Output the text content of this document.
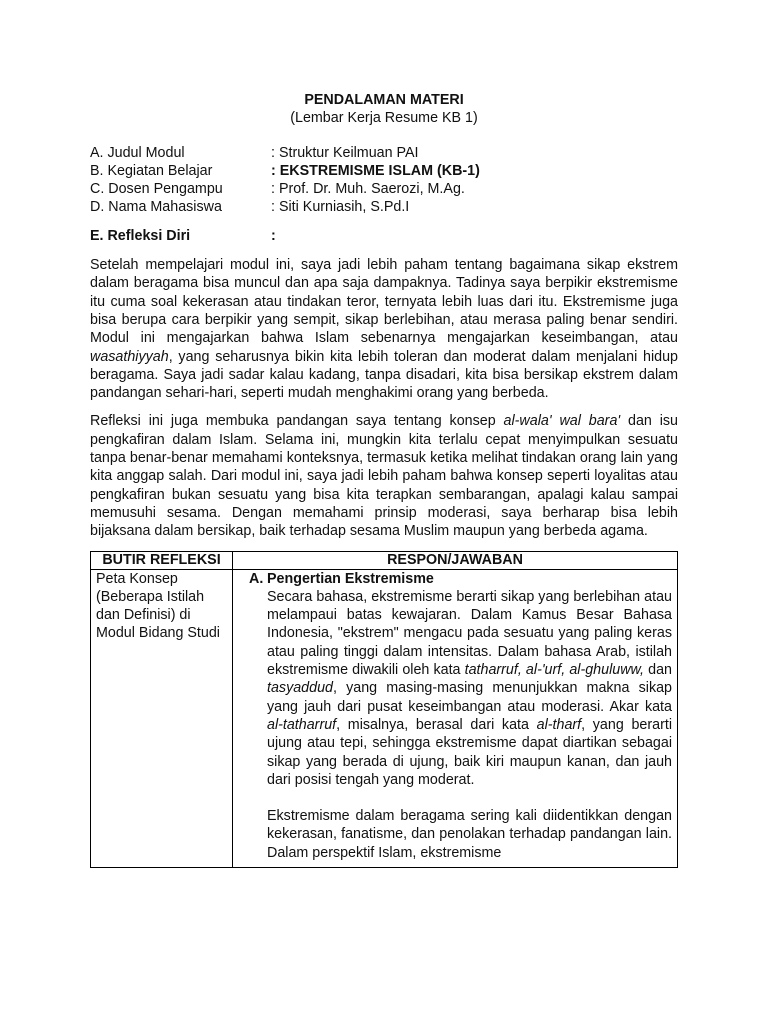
PENDALAMAN MATERI
(Lembar Kerja Resume KB 1)
A. Judul Modul	: Struktur Keilmuan PAI
B. Kegiatan Belajar	: EKSTREMISME ISLAM (KB-1)
C. Dosen Pengampu	: Prof. Dr. Muh. Saerozi, M.Ag.
D. Nama Mahasiswa	: Siti Kurniasih, S.Pd.I
E. Refleksi Diri	:

Setelah mempelajari modul ini, saya jadi lebih paham tentang bagaimana sikap ekstrem dalam beragama bisa muncul dan apa saja dampaknya. Tadinya saya berpikir ekstremisme itu cuma soal kekerasan atau tindakan teror, ternyata lebih luas dari itu. Ekstremisme juga bisa berupa cara berpikir yang sempit, sikap berlebihan, atau merasa paling benar sendiri. Modul ini mengajarkan bahwa Islam sebenarnya mengajarkan keseimbangan, atau wasathiyyah, yang seharusnya bikin kita lebih toleran dan moderat dalam menjalani hidup beragama. Saya jadi sadar kalau kadang, tanpa disadari, kita bisa bersikap ekstrem dalam pandangan sehari-hari, seperti mudah menghakimi orang yang berbeda.

Refleksi ini juga membuka pandangan saya tentang konsep al-wala' wal bara' dan isu pengkafiran dalam Islam. Selama ini, mungkin kita terlalu cepat menyimpulkan sesuatu tanpa benar-benar memahami konteksnya, termasuk ketika melihat tindakan orang lain yang kita anggap salah. Dari modul ini, saya jadi lebih paham bahwa konsep seperti loyalitas atau pengkafiran bukan sesuatu yang bisa kita terapkan sembarangan, apalagi kalau sampai memusuhi sesama. Dengan memahami prinsip moderasi, saya berharap bisa lebih bijaksana dalam bersikap, baik terhadap sesama Muslim maupun yang berbeda agama.

BUTIR REFLEKSI	RESPON/JAWABAN
Peta Konsep (Beberapa Istilah dan Definisi) di Modul Bidang Studi	A. Pengertian Ekstremisme

Secara bahasa, ekstremisme berarti sikap yang berlebihan atau melampaui batas kewajaran. Dalam Kamus Besar Bahasa Indonesia, "ekstrem" mengacu pada sesuatu yang paling keras atau paling tinggi dalam intensitas. Dalam bahasa Arab, istilah ekstremisme diwakili oleh kata tatharruf, al-'urf, al-ghuluww, dan tasyaddud, yang masing-masing menunjukkan makna sikap yang jauh dari pusat keseimbangan atau moderasi. Akar kata al-tatharruf, misalnya, berasal dari kata al-tharf, yang berarti ujung atau tepi, sehingga ekstremisme dapat diartikan sebagai sikap yang berada di ujung, baik kiri maupun kanan, dan jauh dari posisi tengah yang moderat.

Ekstremisme dalam beragama sering kali diidentikkan dengan kekerasan, fanatisme, dan penolakan terhadap pandangan lain. Dalam perspektif Islam, ekstremisme
